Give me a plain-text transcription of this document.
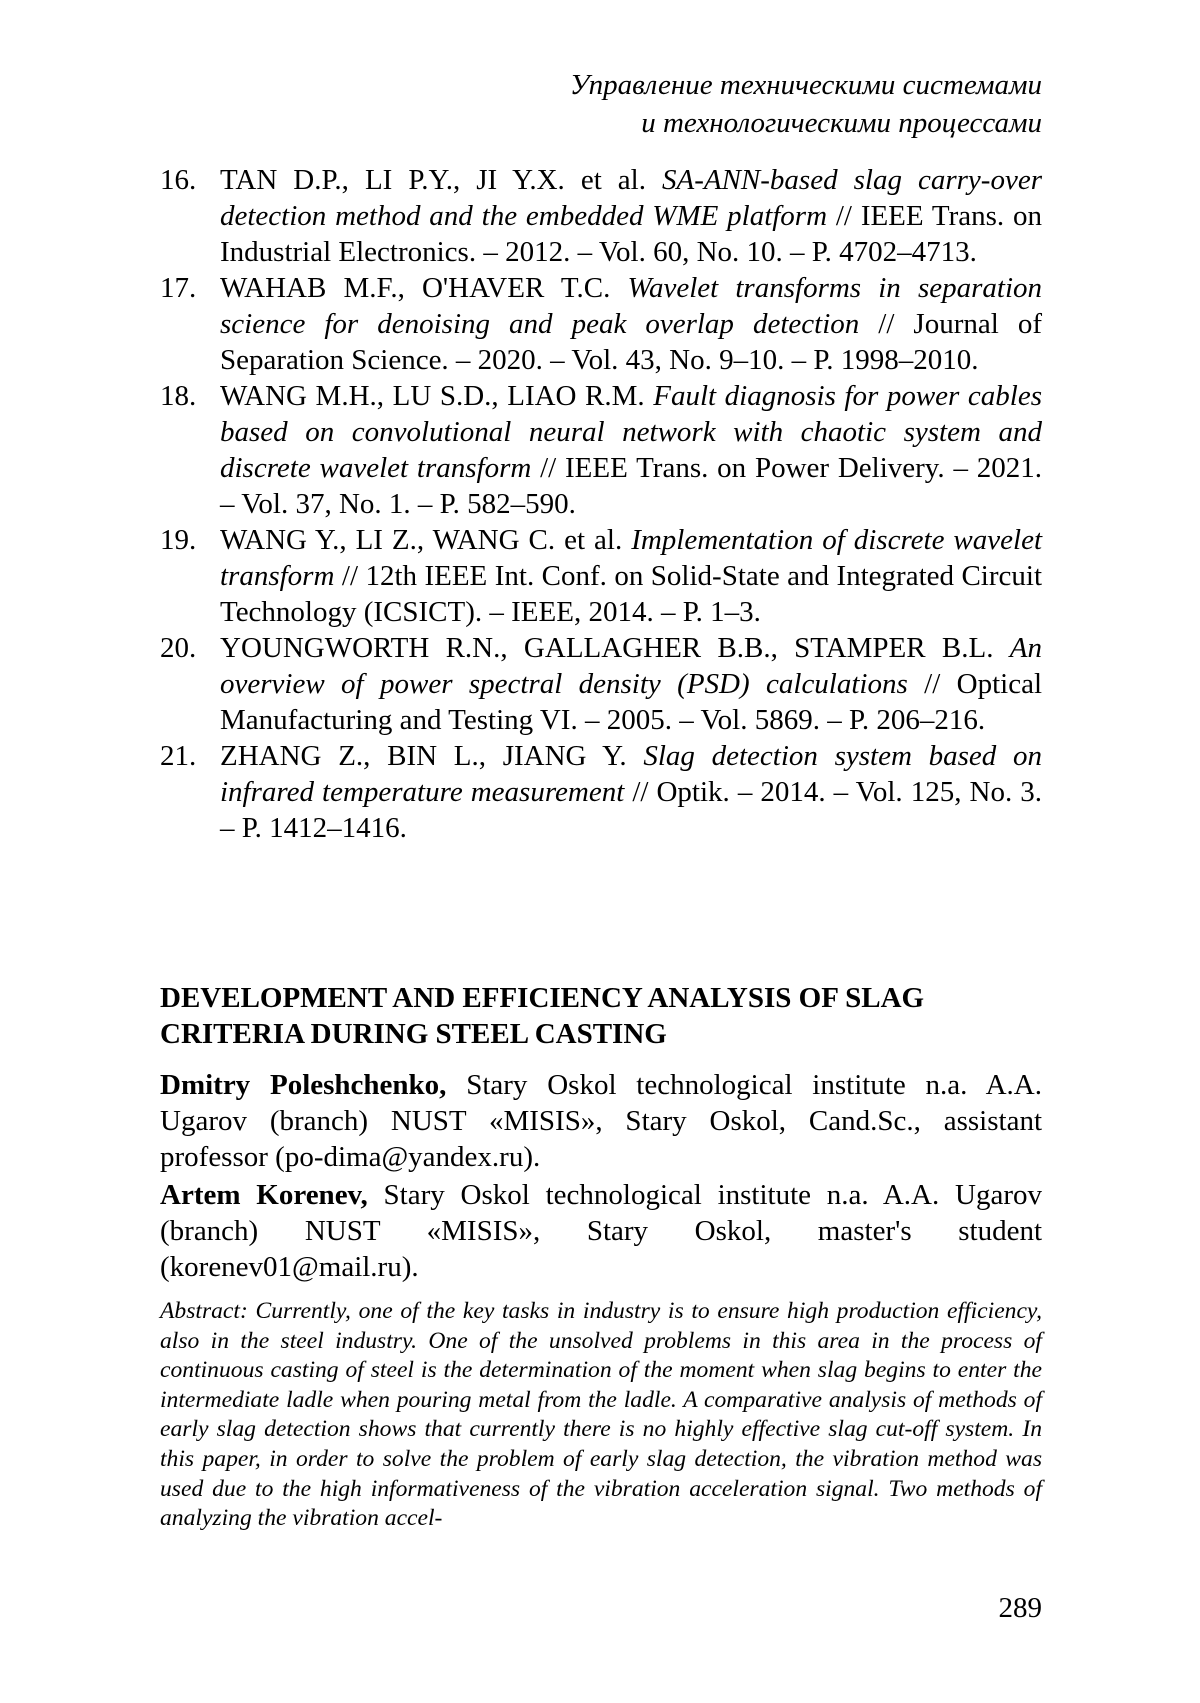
Управление техническими системами
и технологическими процессами
16. TAN D.P., LI P.Y., JI Y.X. et al. SA-ANN-based slag carry-over detection method and the embedded WME platform // IEEE Trans. on Industrial Electronics. – 2012. – Vol. 60, No. 10. – P. 4702–4713.
17. WAHAB M.F., O'HAVER T.C. Wavelet transforms in separation science for denoising and peak overlap detection // Journal of Separation Science. – 2020. – Vol. 43, No. 9–10. – P. 1998–2010.
18. WANG M.H., LU S.D., LIAO R.M. Fault diagnosis for power cables based on convolutional neural network with chaotic system and discrete wavelet transform // IEEE Trans. on Power Delivery. – 2021. – Vol. 37, No. 1. – P. 582–590.
19. WANG Y., LI Z., WANG C. et al. Implementation of discrete wavelet transform // 12th IEEE Int. Conf. on Solid-State and Integrated Circuit Technology (ICSICT). – IEEE, 2014. – P. 1–3.
20. YOUNGWORTH R.N., GALLAGHER B.B., STAMPER B.L. An overview of power spectral density (PSD) calculations // Optical Manufacturing and Testing VI. – 2005. – Vol. 5869. – P. 206–216.
21. ZHANG Z., BIN L., JIANG Y. Slag detection system based on infrared temperature measurement // Optik. – 2014. – Vol. 125, No. 3. – P. 1412–1416.
DEVELOPMENT AND EFFICIENCY ANALYSIS OF SLAG
CRITERIA DURING STEEL CASTING

Dmitry Poleshchenko, Stary Oskol technological institute n.a. A.A. Ugarov (branch) NUST «MISIS», Stary Oskol, Cand.Sc., assistant professor (po-dima@yandex.ru).

Artem Korenev, Stary Oskol technological institute n.a. A.A. Ugarov (branch) NUST «MISIS», Stary Oskol, master's student (korenev01@mail.ru).

Abstract: Currently, one of the key tasks in industry is to ensure high production efficiency, also in the steel industry. One of the unsolved problems in this area in the process of continuous casting of steel is the determination of the moment when slag begins to enter the intermediate ladle when pouring metal from the ladle. A comparative analysis of methods of early slag detection shows that currently there is no highly effective slag cut-off system. In this paper, in order to solve the problem of early slag detection, the vibration method was used due to the high informativeness of the vibration acceleration signal. Two methods of analyzing the vibration accel-
289
